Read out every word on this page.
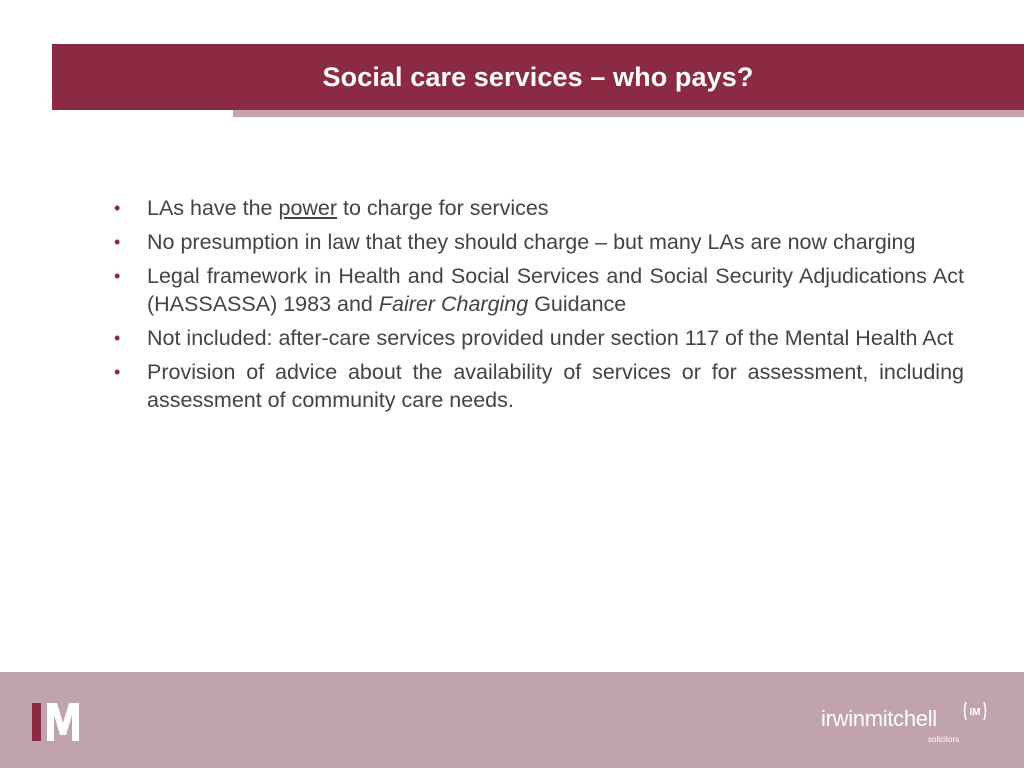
Social care services – who pays?
• LAs have the power to charge for services
• No presumption in law that they should charge – but many LAs are now charging
• Legal framework in Health and Social Services and Social Security Adjudications Act (HASSASSA) 1983 and Fairer Charging Guidance
• Not included: after-care services provided under section 117 of the Mental Health Act
• Provision of advice about the availability of services or for assessment, including assessment of community care needs.
irwinmitchell	IM
solicitors
